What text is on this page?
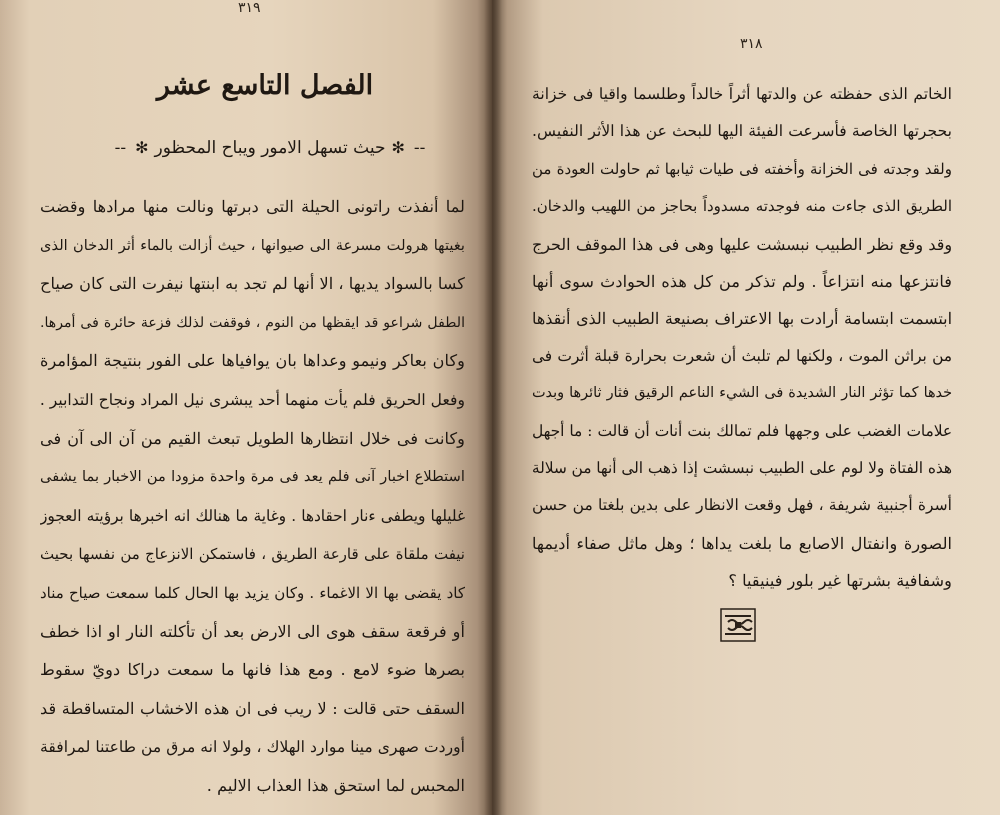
٣١٩
الفصل التاسع عشر
--✻حيث تسهل الامور ويباح المحظور✻--
لما أنفذت راتونى الحيلة التى دبرتها ونالت منها مرادها وقضت
بغيتها هرولت مسرعة الى صيوانها ، حيث أزالت بالماء أثر الدخان الذى
كسا بالسواد يديها ، الا أنها لم تجد به ابنتها نيفرت التى كان صياح
الطفل شراعو قد ايقظها من النوم ، فوقفت لذلك فزعة حائرة فى أمرها.
وكان بعاكر ونيمو وعداها بان يوافياها على الفور بنتيجة المؤامرة
وفعل الحريق فلم يأت منهما أحد يبشرى نيل المراد ونجاح التدابير .
وكانت فى خلال انتظارها الطويل تبعث القيم من آن الى آن فى
استطلاع اخبار آنى فلم يعد فى مرة واحدة مزودا من الاخبار بما يشفى
غليلها ويطفى ءنار احقادها . وغاية ما هنالك انه اخبرها برؤيته العجوز
نيفت ملقاة على قارعة الطريق ، فاستمكن الانزعاج من نفسها بحيث
كاد يقضى بها الا الاغماء . وكان يزيد بها الحال كلما سمعت صياح مناد
أو فرقعة سقف هوى الى الارض بعد أن تأكلته النار او اذا خطف
بصرها ضوء لامع . ومع هذا فانها ما سمعت دراكا دويّ سقوط
السقف حتى قالت : لا ريب فى ان هذه الاخشاب المتساقطة قد
أوردت صهرى مينا موارد الهلاك ، ولولا انه مرق من طاعتنا لمرافقة
المحبس لما استحق هذا العذاب الاليم .
٣١٨
الخاتم الذى حفظته عن والدتها أثراً خالداً وطلسما واقيا فى خزانة
بحجرتها الخاصة فأسرعت الفيئة اليها للبحث عن هذا الأثر النفيس.
ولقد وجدته فى الخزانة وأخفته فى طيات ثيابها ثم حاولت العودة من
الطريق الذى جاءت منه فوجدته مسدوداً بحاجز من اللهيب والدخان.
وقد وقع نظر الطبيب نبسشت عليها وهى فى هذا الموقف الحرج
فانتزعها منه انتزاعاً . ولم تذكر من كل هذه الحوادث سوى أنها
ابتسمت ابتسامة أرادت بها الاعتراف بصنيعة الطبيب الذى أنقذها
من براثن الموت ، ولكنها لم تلبث أن شعرت بحرارة قبلة أثرت فى
خدها كما تؤثر النار الشديدة فى الشيء الناعم الرقيق فثار ثائرها وبدت
علامات الغضب على وجهها فلم تمالك بنت أنات أن قالت : ما أجهل
هذه الفتاة ولا لوم على الطبيب نبسشت إذا ذهب الى أنها من سلالة
أسرة أجنبية شريفة ، فهل وقعت الانظار على بدين بلغتا من حسن
الصورة وانفتال الاصابع ما بلغت يداها ؛ وهل ماثل صفاء أديمها
وشفافية بشرتها غير بلور فينيقيا ؟
